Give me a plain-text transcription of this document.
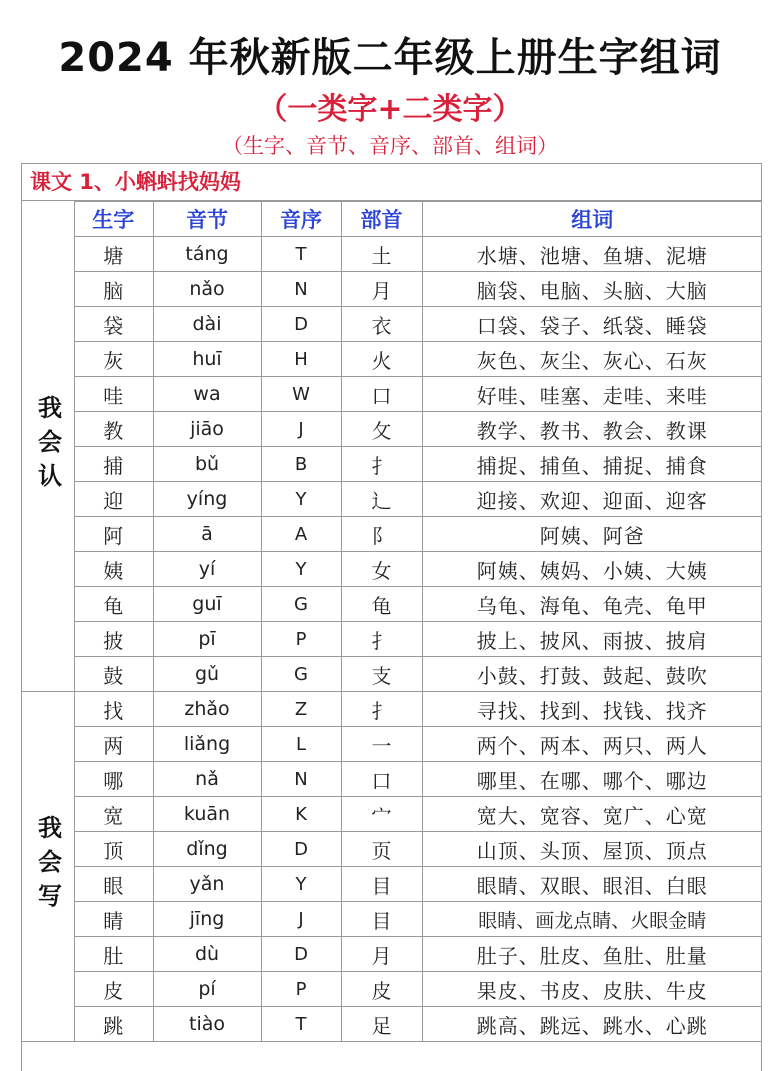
2024 年秋新版二年级上册生字组词
（一类字+二类字）
（生字、音节、音序、部首、组词）
课文 1、小蝌蚪找妈妈
我会认
我会写
生字	音节	音序	部首	组词
塘	táng	T	土	水塘、池塘、鱼塘、泥塘
脑	nǎo	N	月	脑袋、电脑、头脑、大脑
袋	dài	D	衣	口袋、袋子、纸袋、睡袋
灰	huī	H	火	灰色、灰尘、灰心、石灰
哇	wa	W	口	好哇、哇塞、走哇、来哇
教	jiāo	J	攵	教学、教书、教会、教课
捕	bǔ	B	扌	捕捉、捕鱼、捕捉、捕食
迎	yíng	Y	辶	迎接、欢迎、迎面、迎客
阿	ā	A	阝	阿姨、阿爸
姨	yí	Y	女	阿姨、姨妈、小姨、大姨
龟	guī	G	龟	乌龟、海龟、龟壳、龟甲
披	pī	P	扌	披上、披风、雨披、披肩
鼓	gǔ	G	支	小鼓、打鼓、鼓起、鼓吹
找	zhǎo	Z	扌	寻找、找到、找钱、找齐
两	liǎng	L	一	两个、两本、两只、两人
哪	nǎ	N	口	哪里、在哪、哪个、哪边
宽	kuān	K	宀	宽大、宽容、宽广、心宽
顶	dǐng	D	页	山顶、头顶、屋顶、顶点
眼	yǎn	Y	目	眼睛、双眼、眼泪、白眼
睛	jīng	J	目	眼睛、画龙点睛、火眼金睛
肚	dù	D	月	肚子、肚皮、鱼肚、肚量
皮	pí	P	皮	果皮、书皮、皮肤、牛皮
跳	tiào	T	足	跳高、跳远、跳水、心跳
